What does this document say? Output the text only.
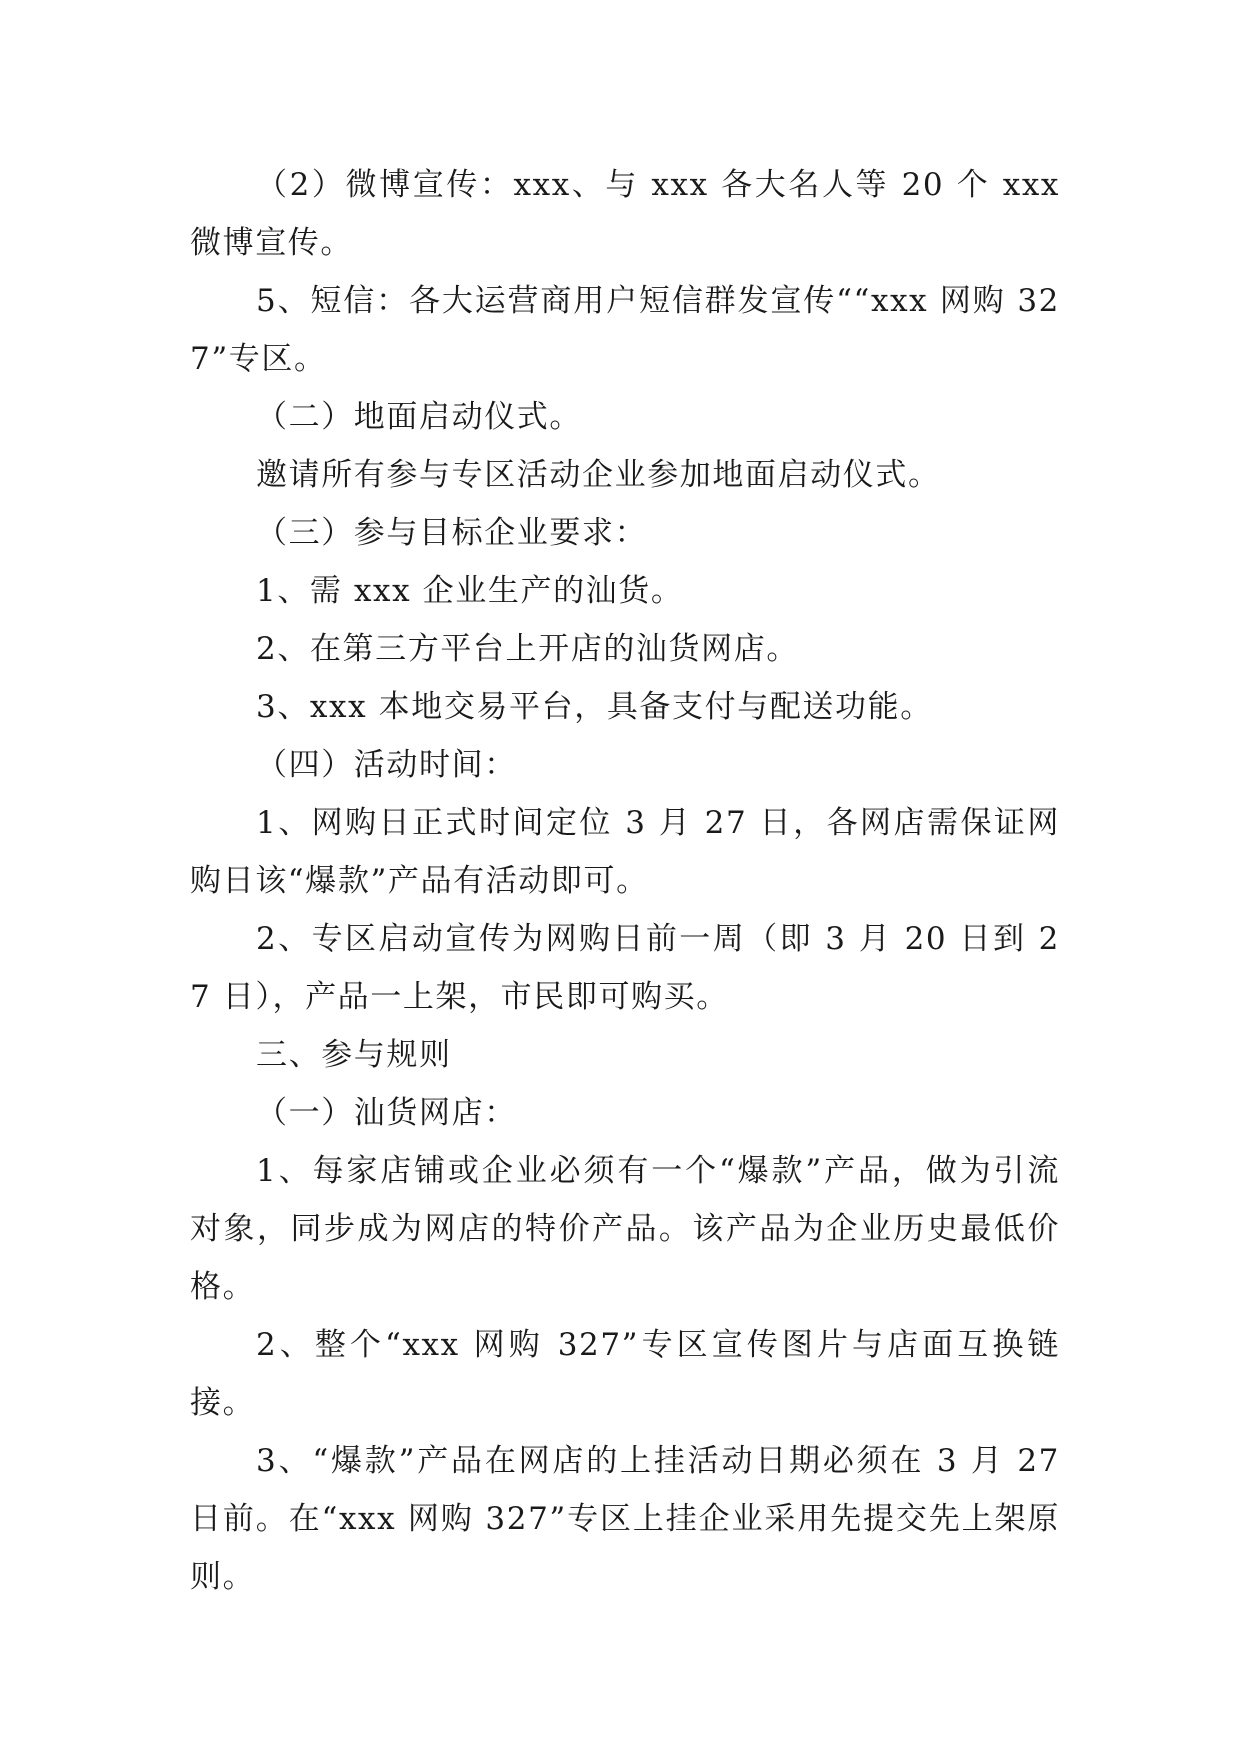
（2）微博宣传：xxx、与 xxx 各大名人等 20 个 xxx 微博宣传。

5、短信：各大运营商用户短信群发宣传““xxx 网购 327”专区。

（二）地面启动仪式。

邀请所有参与专区活动企业参加地面启动仪式。

（三）参与目标企业要求：

1、需 xxx 企业生产的汕货。

2、在第三方平台上开店的汕货网店。

3、xxx 本地交易平台，具备支付与配送功能。

（四）活动时间：

1、网购日正式时间定位 3 月 27 日，各网店需保证网购日该“爆款”产品有活动即可。

2、专区启动宣传为网购日前一周（即 3 月 20 日到 27 日），产品一上架，市民即可购买。

三、参与规则

（一）汕货网店：

1、每家店铺或企业必须有一个“爆款”产品，做为引流对象，同步成为网店的特价产品。该产品为企业历史最低价格。

2、整个“xxx 网购 327”专区宣传图片与店面互换链接。

3、“爆款”产品在网店的上挂活动日期必须在 3 月 27 日前。在“xxx 网购 327”专区上挂企业采用先提交先上架原则。
